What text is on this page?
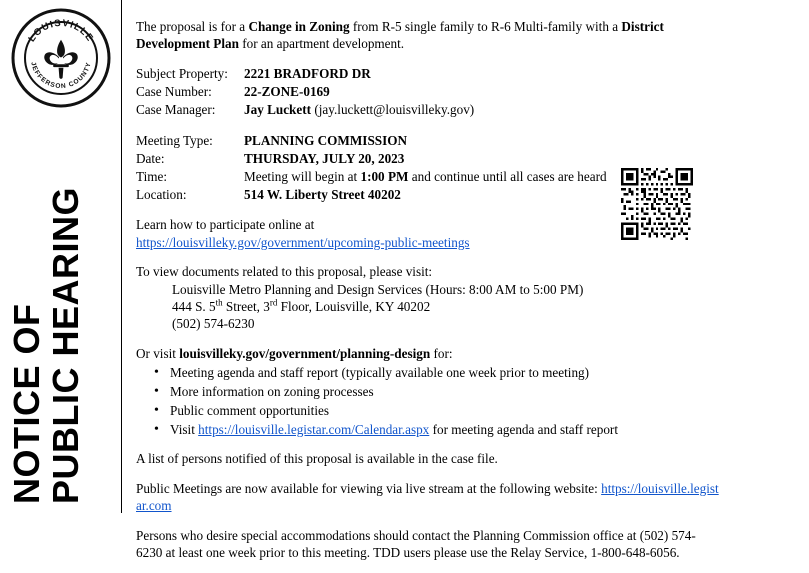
LOUISVILLE
JEFFERSON COUNTY
NOTICE OF
PUBLIC HEARING

The proposal is for a Change in Zoning from R-5 single family to R-6 Multi-family with a District Development Plan for an apartment development.

Subject Property:	2221 BRADFORD DR
Case Number:	22-ZONE-0169
Case Manager:	Jay Luckett (jay.luckett@louisvilleky.gov)
Meeting Type:	PLANNING COMMISSION
Date:	THURSDAY, JULY 20, 2023
Time:	Meeting will begin at 1:00 PM and continue until all cases are heard
Location:	514 W. Liberty Street 40202
Learn how to participate online at
https://louisvilleky.gov/government/upcoming-public-meetings
To view documents related to this proposal, please visit:
Louisville Metro Planning and Design Services (Hours: 8:00 AM to 5:00 PM)
444 S. 5th Street, 3rd Floor, Louisville, KY 40202
(502) 574-6230
Or visit louisvilleky.gov/government/planning-design for:
• Meeting agenda and staff report (typically available one week prior to meeting)
• More information on zoning processes
• Public comment opportunities
• Visit https://louisville.legistar.com/Calendar.aspx for meeting agenda and staff report

A list of persons notified of this proposal is available in the case file.

Public Meetings are now available for viewing via live stream at the following website: https://louisville.legistar.com

Persons who desire special accommodations should contact the Planning Commission office at (502) 574-6230 at least one week prior to this meeting. TDD users please use the Relay Service, 1-800-648-6056.
